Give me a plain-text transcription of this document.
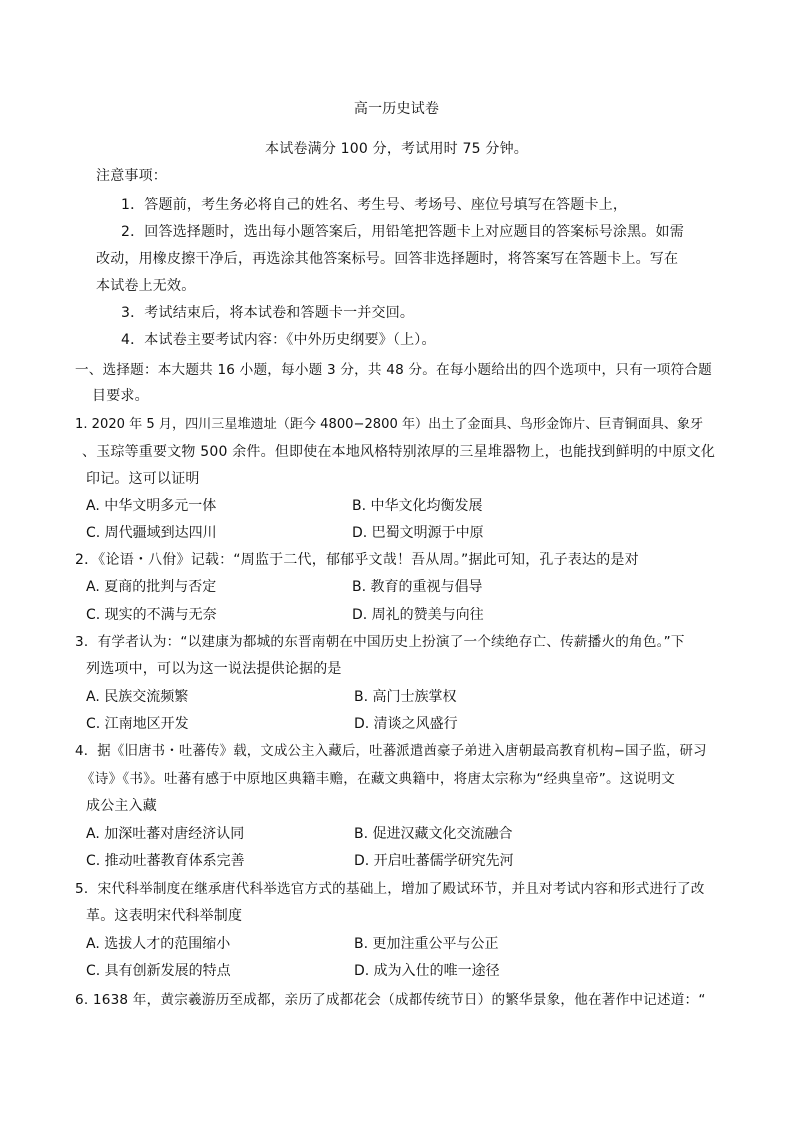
高一历史试卷
本试卷满分 100 分，考试用时 75 分钟。
注意事项：
1．答题前，考生务必将自己的姓名、考生号、考场号、座位号填写在答题卡上，
2．回答选择题时，选出每小题答案后，用铅笔把答题卡上对应题目的答案标号涂黑。如需
改动，用橡皮擦干净后，再选涂其他答案标号。回答非选择题时，将答案写在答题卡上。写在
本试卷上无效。
3．考试结束后，将本试卷和答题卡一并交回。
4．本试卷主要考试内容：《中外历史纲要》（上）。
一、选择题：本大题共 16 小题，每小题 3 分，共 48 分。在每小题给出的四个选项中，只有一项符合题
目要求。
1. 2020 年 5 月，四川三星堆遗址（距今 4800−2800 年）出土了金面具、鸟形金饰片、巨青铜面具、象牙
、玉琮等重要文物 500 余件。但即使在本地风格特别浓厚的三星堆器物上，也能找到鲜明的中原文化
印记。这可以证明
A. 中华文明多元一体	B. 中华文化均衡发展
C. 周代疆域到达四川	D. 巴蜀文明源于中原
2．《论语・八佾》记载：“周监于二代，郁郁乎文哉！吾从周。”据此可知，孔子表达的是对
A. 夏商的批判与否定	B. 教育的重视与倡导
C. 现实的不满与无奈	D. 周礼的赞美与向往
3．有学者认为：“以建康为都城的东晋南朝在中国历史上扮演了一个续绝存亡、传薪播火的角色。”下
列选项中，可以为这一说法提供论据的是
A. 民族交流频繁	B. 高门士族掌权
C. 江南地区开发	D. 清谈之风盛行
4．据《旧唐书・吐蕃传》载，文成公主入藏后，吐蕃派遣酋豪子弟进入唐朝最高教育机构−国子监，研习
《诗》《书》。吐蕃有感于中原地区典籍丰赡，在藏文典籍中，将唐太宗称为“经典皇帝”。这说明文
成公主入藏
A. 加深吐蕃对唐经济认同	B. 促进汉藏文化交流融合
C. 推动吐蕃教育体系完善	D. 开启吐蕃儒学研究先河
5．宋代科举制度在继承唐代科举选官方式的基础上，增加了殿试环节，并且对考试内容和形式进行了改
革。这表明宋代科举制度
A. 选拔人才的范围缩小	B. 更加注重公平与公正
C. 具有创新发展的特点	D. 成为入仕的唯一途径
6. 1638 年，黄宗羲游历至成都，亲历了成都花会（成都传统节日）的繁华景象，他在著作中记述道：“
